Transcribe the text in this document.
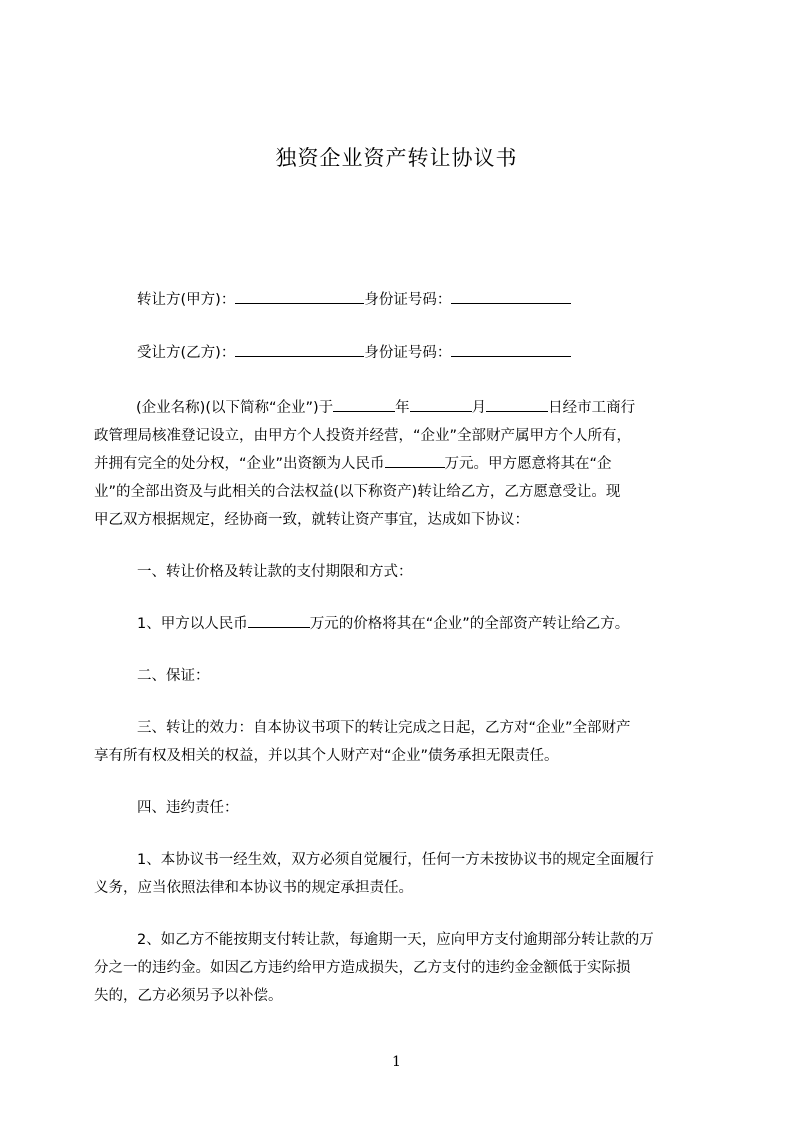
独资企业资产转让协议书
转让方(甲方)：	身份证号码：
受让方(乙方)：	身份证号码：
(企业名称)(以下简称“企业”)于	年	月	日经市工商行
政管理局核准登记设立，由甲方个人投资并经营，“企业”全部财产属甲方个人所有，
并拥有完全的处分权，“企业”出资额为人民币	万元。甲方愿意将其在“企
业”的全部出资及与此相关的合法权益(以下称资产)转让给乙方，乙方愿意受让。现
甲乙双方根据规定，经协商一致，就转让资产事宜，达成如下协议：
一、转让价格及转让款的支付期限和方式：
1、甲方以人民币	万元的价格将其在“企业”的全部资产转让给乙方。
二、保证：
三、转让的效力：自本协议书项下的转让完成之日起，乙方对“企业”全部财产
享有所有权及相关的权益，并以其个人财产对“企业”债务承担无限责任。
四、违约责任：
1、本协议书一经生效，双方必须自觉履行，任何一方未按协议书的规定全面履行
义务，应当依照法律和本协议书的规定承担责任。
2、如乙方不能按期支付转让款，每逾期一天，应向甲方支付逾期部分转让款的万
分之一的违约金。如因乙方违约给甲方造成损失，乙方支付的违约金金额低于实际损
失的，乙方必须另予以补偿。
1
